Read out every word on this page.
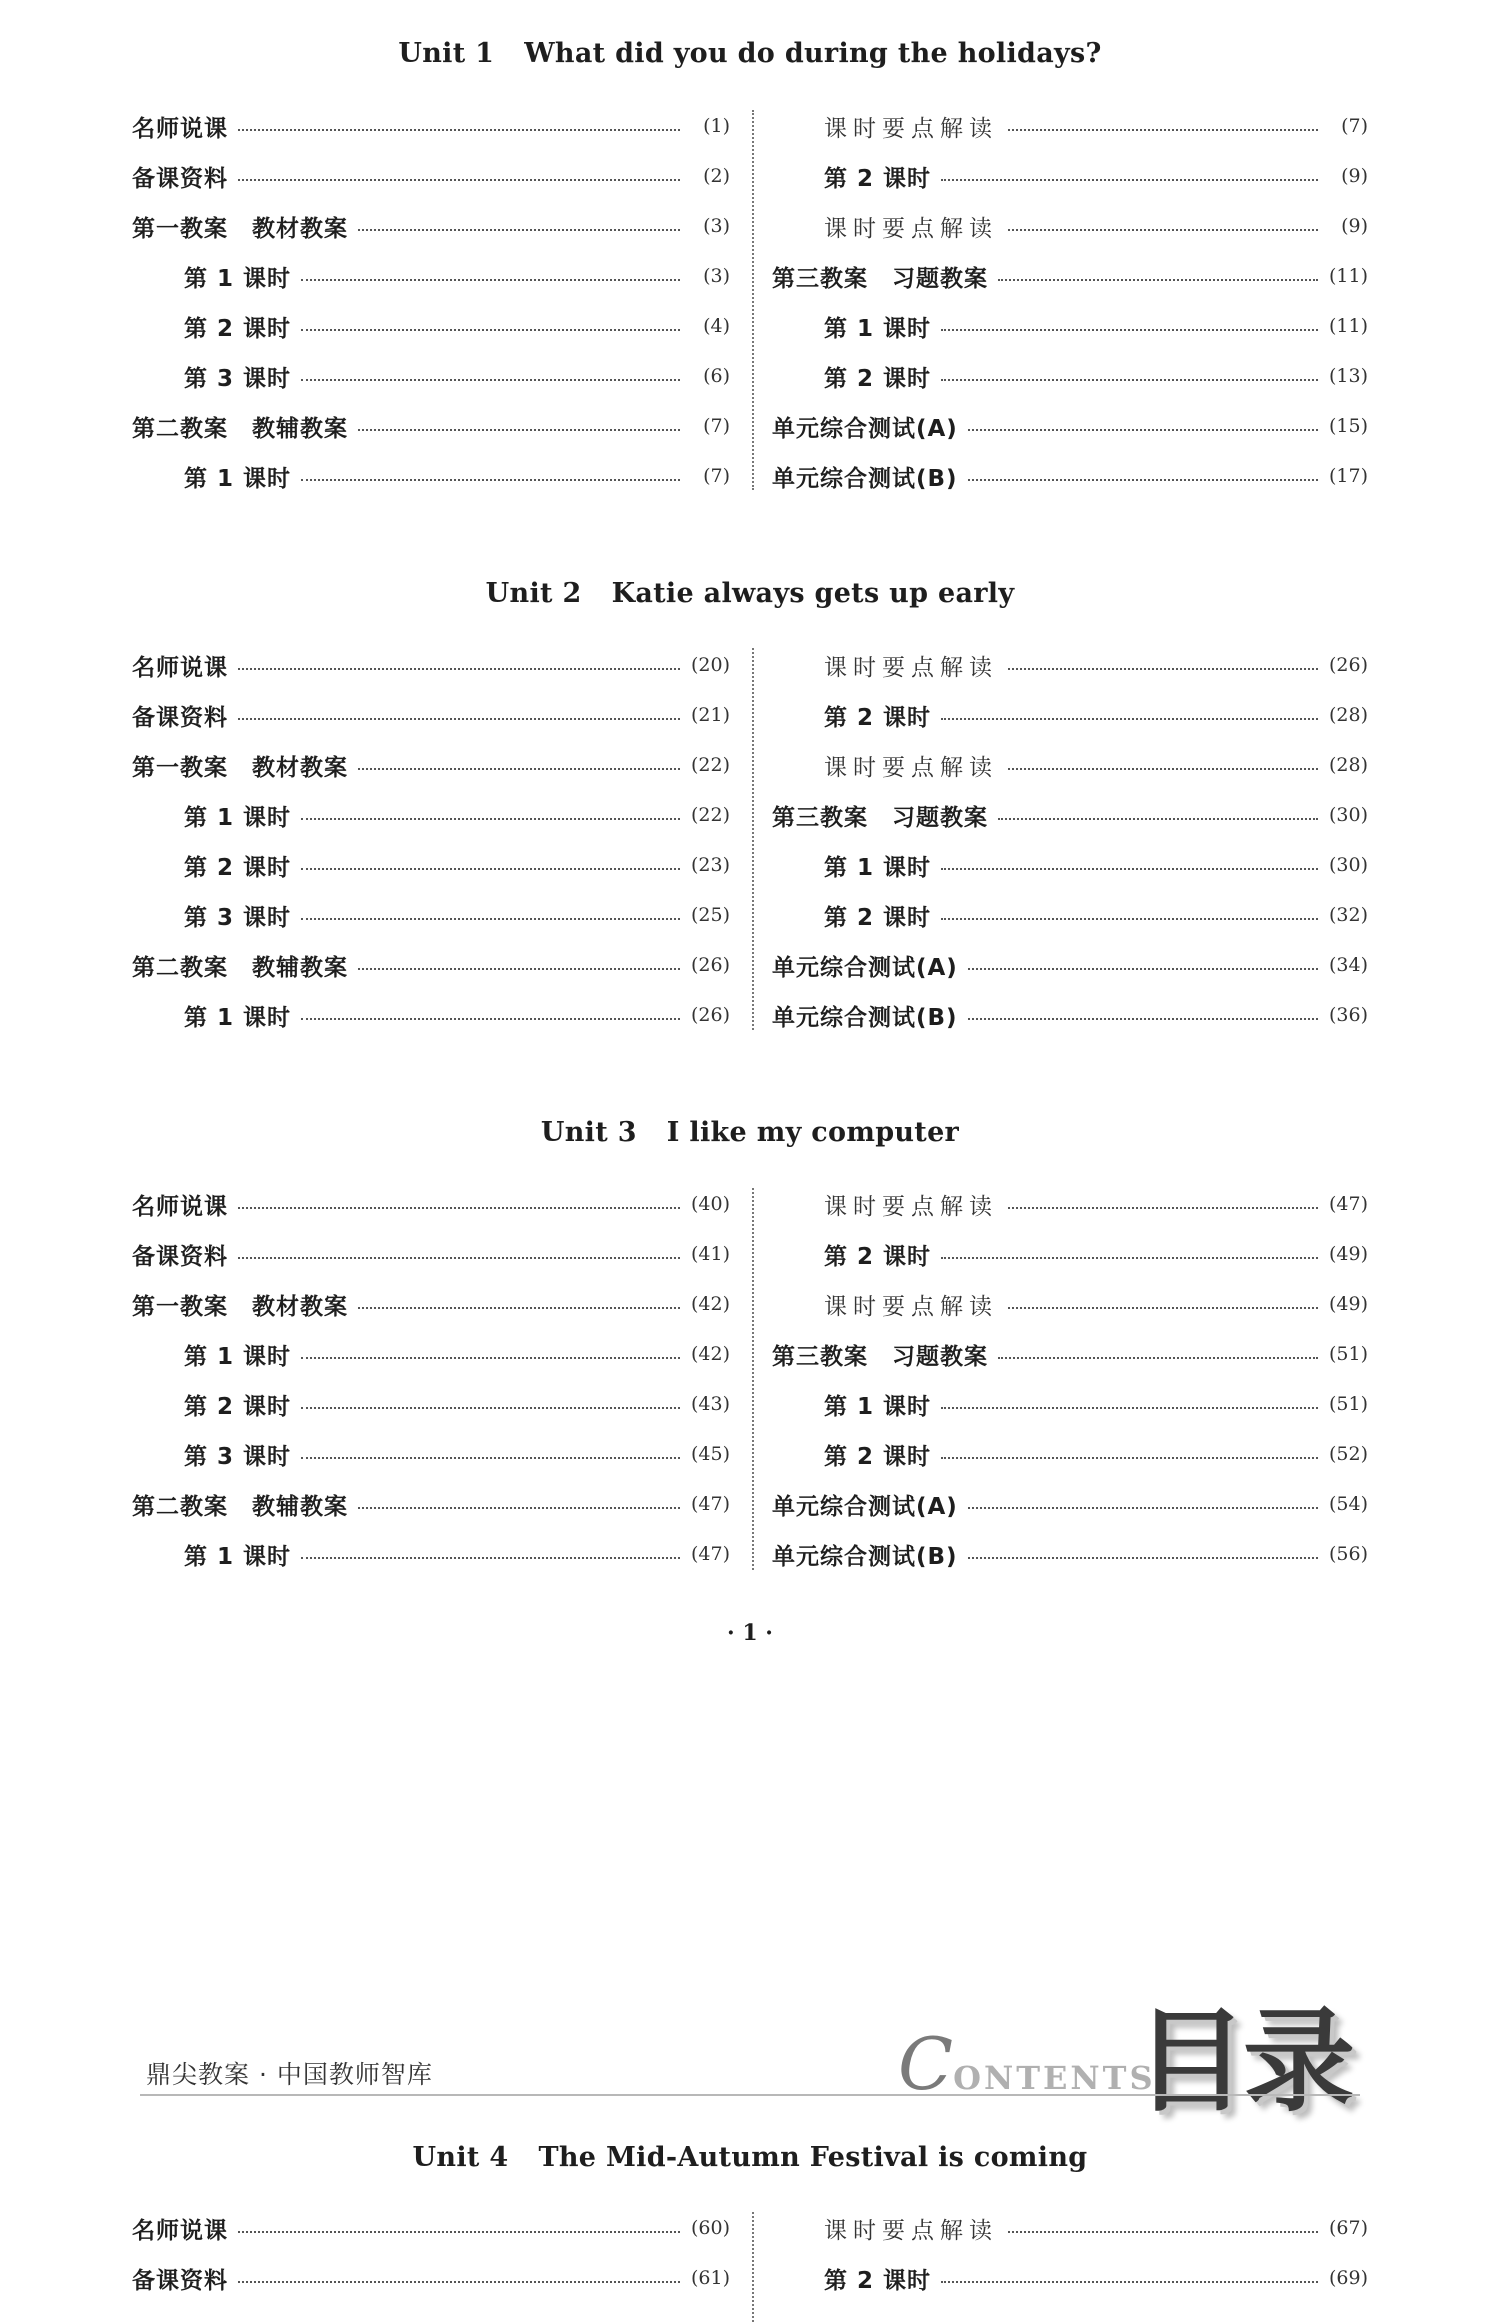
Unit 1 What did you do during the holidays?
名师说课	(1)
备课资料	(2)
第一教案　教材教案	(3)
第 1 课时	(3)
第 2 课时	(4)
第 3 课时	(6)
第二教案　教辅教案	(7)
第 1 课时	(7)
课时要点解读	(7)
第 2 课时	(9)
课时要点解读	(9)
第三教案　习题教案	(11)
第 1 课时	(11)
第 2 课时	(13)
单元综合测试(A)	(15)
单元综合测试(B)	(17)
Unit 2 Katie always gets up early
名师说课	(20)
备课资料	(21)
第一教案　教材教案	(22)
第 1 课时	(22)
第 2 课时	(23)
第 3 课时	(25)
第二教案　教辅教案	(26)
第 1 课时	(26)
课时要点解读	(26)
第 2 课时	(28)
课时要点解读	(28)
第三教案　习题教案	(30)
第 1 课时	(30)
第 2 课时	(32)
单元综合测试(A)	(34)
单元综合测试(B)	(36)
Unit 3 I like my computer
名师说课	(40)
备课资料	(41)
第一教案　教材教案	(42)
第 1 课时	(42)
第 2 课时	(43)
第 3 课时	(45)
第二教案　教辅教案	(47)
第 1 课时	(47)
课时要点解读	(47)
第 2 课时	(49)
课时要点解读	(49)
第三教案　习题教案	(51)
第 1 课时	(51)
第 2 课时	(52)
单元综合测试(A)	(54)
单元综合测试(B)	(56)
· 1 ·
鼎尖教案 · 中国教师智库	CONTENTS
目录
Unit 4 The Mid-Autumn Festival is coming
名师说课	(60)
备课资料	(61)
课时要点解读	(67)
第 2 课时	(69)
